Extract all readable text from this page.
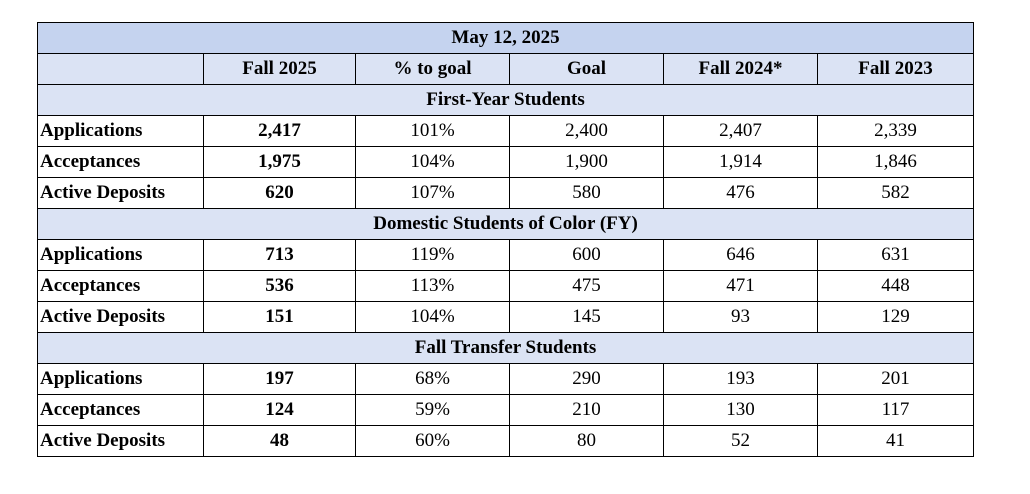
May 12, 2025					
	Fall 2025	% to goal	Goal	Fall 2024*	Fall 2023
First-Year Students					
Applications	2,417	101%	2,400	2,407	2,339
Acceptances	1,975	104%	1,900	1,914	1,846
Active Deposits	620	107%	580	476	582
Domestic Students of Color (FY)					
Applications	713	119%	600	646	631
Acceptances	536	113%	475	471	448
Active Deposits	151	104%	145	93	129
Fall Transfer Students					
Applications	197	68%	290	193	201
Acceptances	124	59%	210	130	117
Active Deposits	48	60%	80	52	41
